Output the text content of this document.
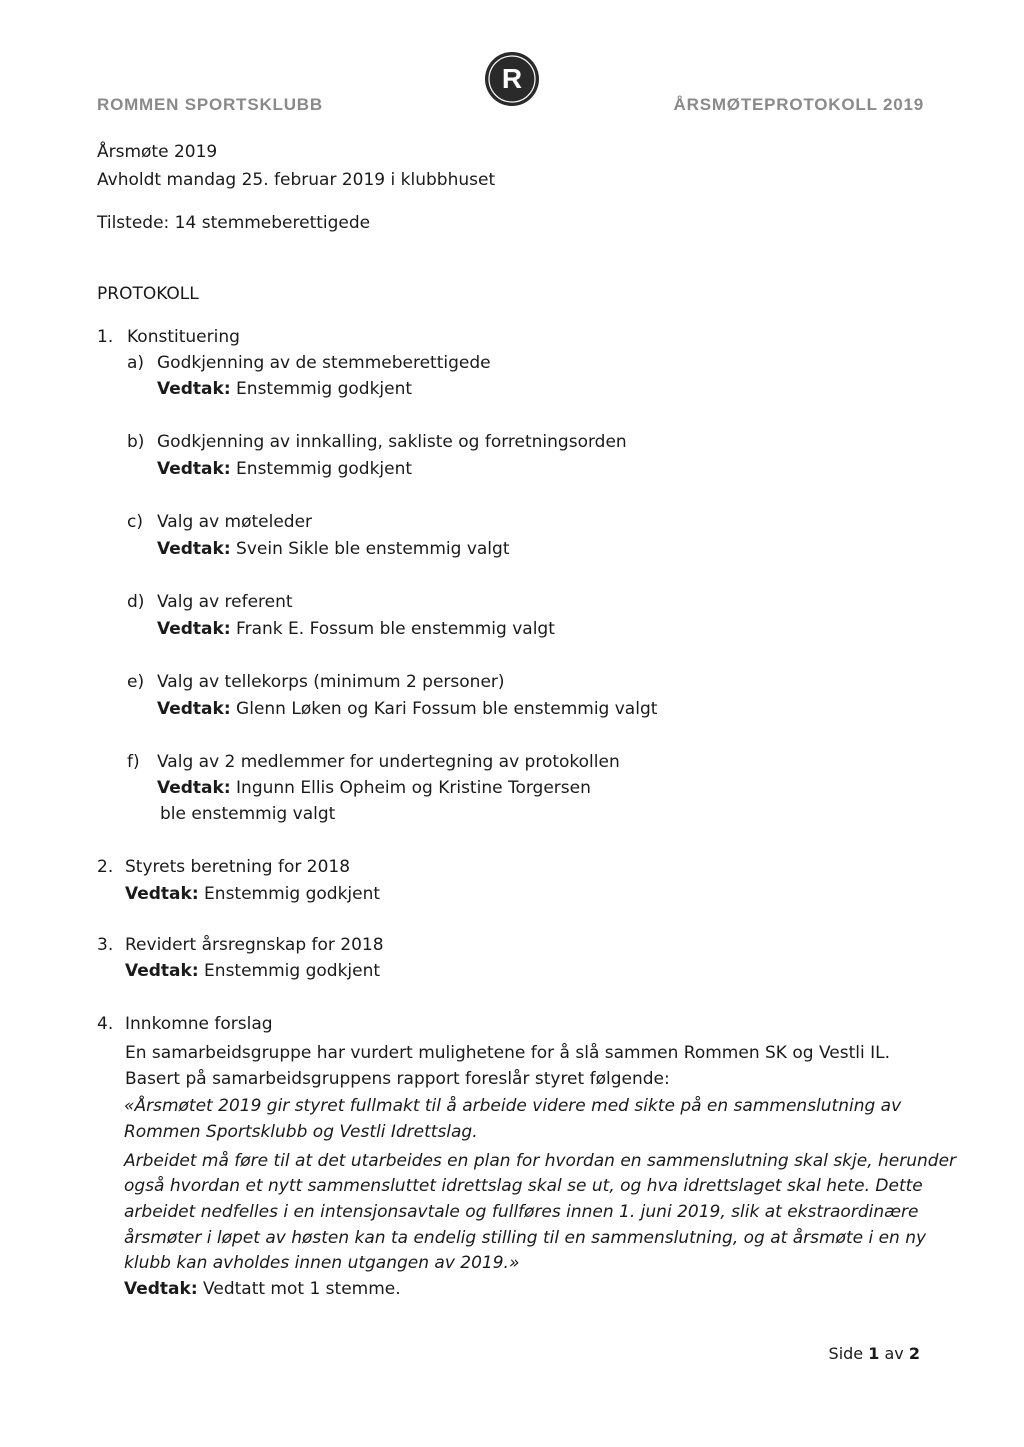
ROMMEN SPORTSKLUBB
R
ÅRSMØTEPROTOKOLL 2019
Årsmøte 2019
Avholdt mandag 25. februar 2019 i klubbhuset
Tilstede: 14 stemmeberettigede
PROTOKOLL
1. Konstituering
a) Godkjenning av de stemmeberettigede
Vedtak: Enstemmig godkjent
b) Godkjenning av innkalling, sakliste og forretningsorden
Vedtak: Enstemmig godkjent
c) Valg av møteleder
Vedtak: Svein Sikle ble enstemmig valgt
d) Valg av referent
Vedtak: Frank E. Fossum ble enstemmig valgt
e) Valg av tellekorps (minimum 2 personer)
Vedtak: Glenn Løken og Kari Fossum ble enstemmig valgt
f) Valg av 2 medlemmer for undertegning av protokollen
Vedtak: Ingunn Ellis Opheim og Kristine Torgersen
ble enstemmig valgt
2. Styrets beretning for 2018
Vedtak: Enstemmig godkjent
3. Revidert årsregnskap for 2018
Vedtak: Enstemmig godkjent
4. Innkomne forslag
En samarbeidsgruppe har vurdert mulighetene for å slå sammen Rommen SK og Vestli IL.
Basert på samarbeidsgruppens rapport foreslår styret følgende:
«Årsmøtet 2019 gir styret fullmakt til å arbeide videre med sikte på en sammenslutning av
Rommen Sportsklubb og Vestli Idrettslag.
Arbeidet må føre til at det utarbeides en plan for hvordan en sammenslutning skal skje, herunder
også hvordan et nytt sammensluttet idrettslag skal se ut, og hva idrettslaget skal hete. Dette
arbeidet nedfelles i en intensjonsavtale og fullføres innen 1. juni 2019, slik at ekstraordinære
årsmøter i løpet av høsten kan ta endelig stilling til en sammenslutning, og at årsmøte i en ny
klubb kan avholdes innen utgangen av 2019.»
Vedtak: Vedtatt mot 1 stemme.
Side 1 av 2
